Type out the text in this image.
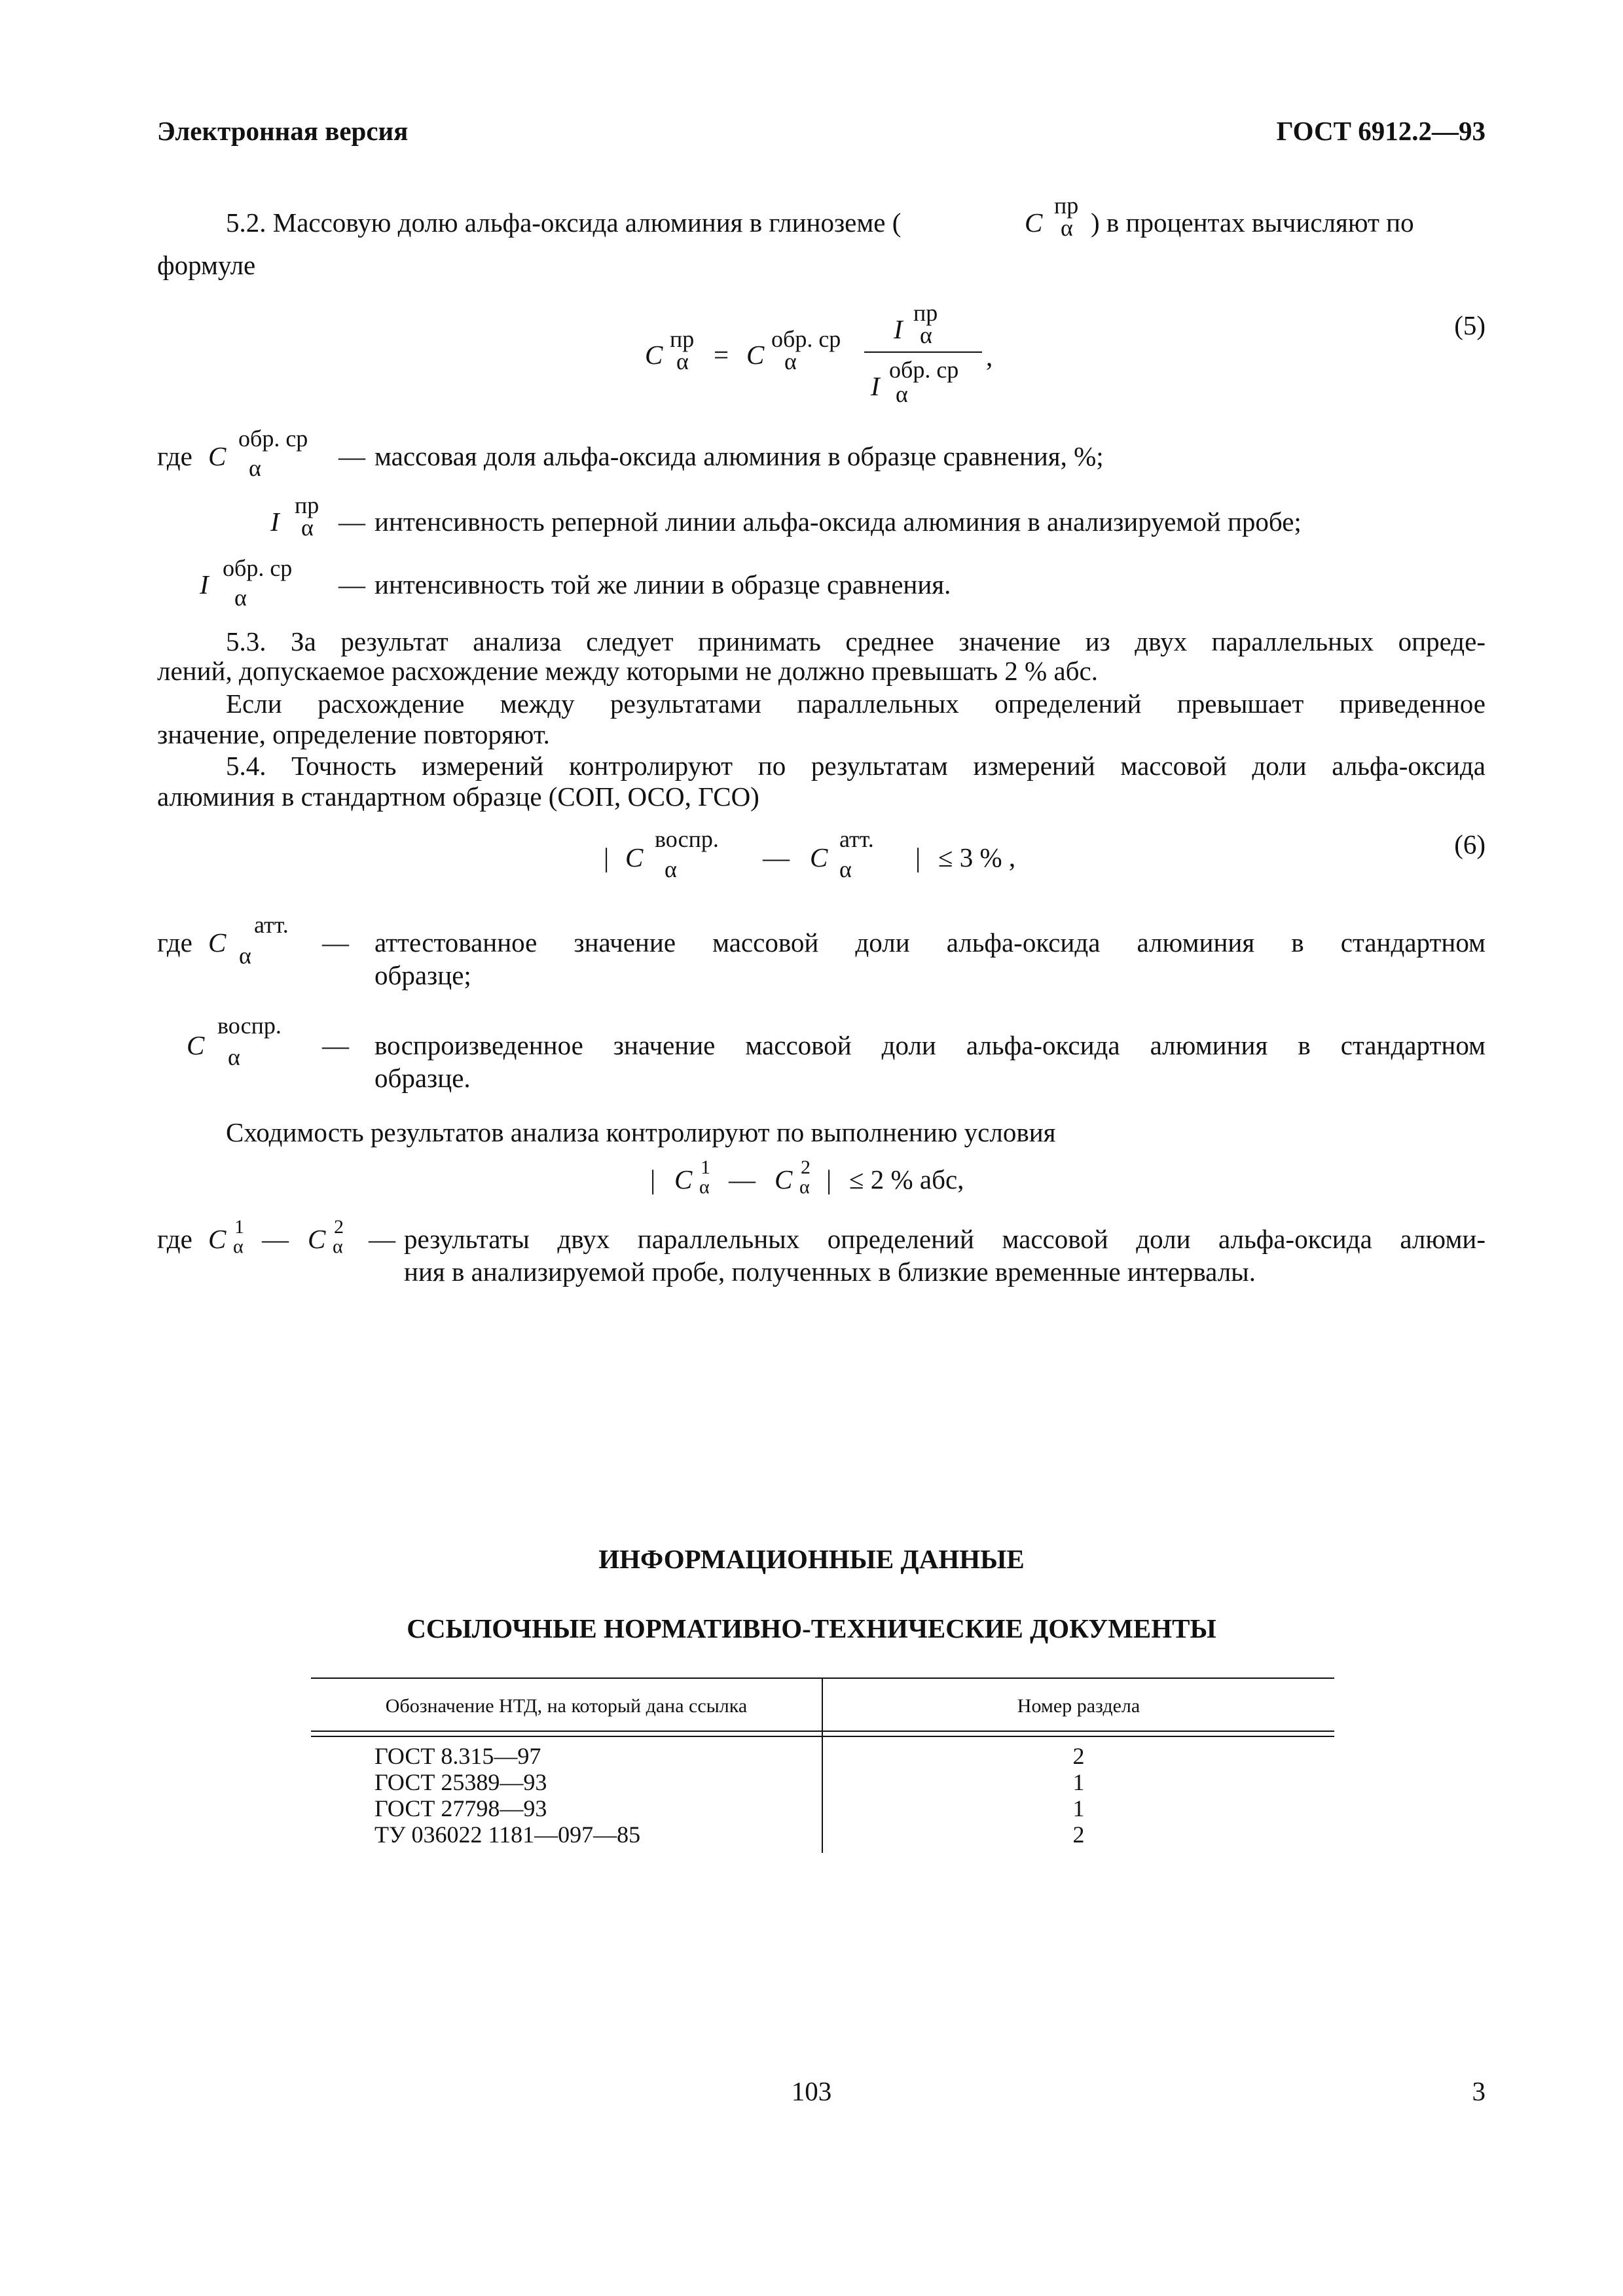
Электронная версия	ГОСТ 6912.2—93
5.2. Массовую долю альфа-оксида алюминия в глиноземе (	C
пр
α ) в процентах вычисляют по
формуле
C
пр
α = C
обр. ср
α
I
пр
α
I
обр. ср
α
,
(5)
где C
обр. ср
α	— массовая доля альфа-оксида алюминия в образце сравнения, %;
I
пр
α — интенсивность реперной линии альфа-оксида алюминия в анализируемой пробе;
I
обр. ср
α	— интенсивность той же линии в образце сравнения.
5.3. За результат анализа следует принимать среднее значение из двух параллельных опреде-
лений, допускаемое расхождение между которыми не должно превышать 2 % абс.
Если расхождение между результатами параллельных определений превышает приведенное
значение, определение повторяют.
5.4. Точность измерений контролируют по результатам измерений массовой доли альфа-оксида
алюминия в стандартном образце (СОП, ОСО, ГСО)
| C
воспр.
α	— C
атт.
α | ≤ 3 % ,	(6)
где C
атт.
α	— аттестованное значение массовой доли альфа-оксида алюминия в стандартном
образце;
C
воспр.
α	— воспроизведенное значение массовой доли альфа-оксида алюминия в стандартном
образце.
Сходимость результатов анализа контролируют по выполнению условия
| C 1
α — C 2
α | ≤ 2 % абс,
где C 1
α — C 2
α — результаты двух параллельных определений массовой доли альфа-оксида алюми-
ния в анализируемой пробе, полученных в близкие временные интервалы.
ИНФОРМАЦИОННЫЕ ДАННЫЕ
ССЫЛОЧНЫЕ НОРМАТИВНО-ТЕХНИЧЕСКИЕ ДОКУМЕНТЫ
Обозначение НТД, на который дана ссылка	Номер раздела
ГОСТ 8.315—97	2
ГОСТ 25389—93	1
ГОСТ 27798—93	1
ТУ 036022 1181—097—85	2
103	3
